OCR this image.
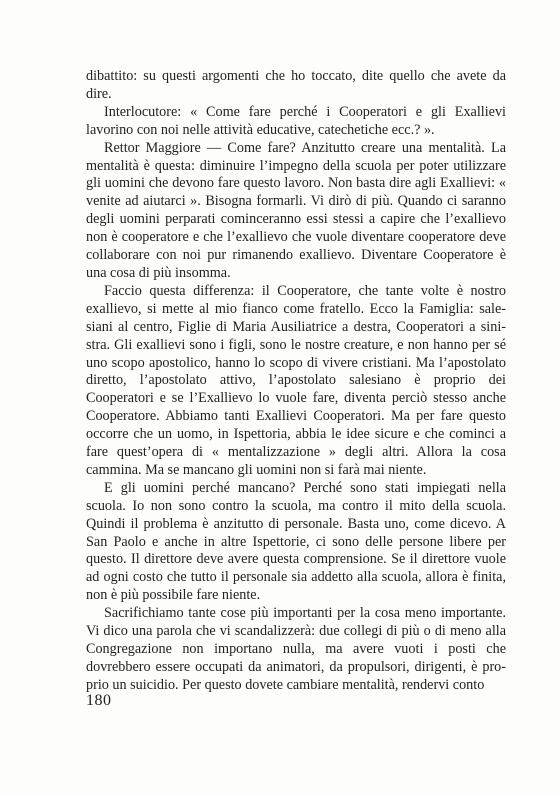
dibattito: su questi argomenti che ho toccato, dite quello che avete da dire.

Interlocutore: « Come fare perché i Cooperatori e gli Exallievi lavorino con noi nelle attività educative, catechetiche ecc.? ».

Rettor Maggiore — Come fare? Anzitutto creare una mentalità. La mentalità è questa: diminuire l’impegno della scuola per poter utilizzare gli uomini che devono fare questo lavoro. Non basta dire agli Exallievi: « venite ad aiutarci ». Bisogna formarli. Vi dirò di più. Quando ci saranno degli uomini perparati cominceranno essi stessi a capire che l’exallievo non è cooperatore e che l’exallievo che vuole diventare cooperatore deve collaborare con noi pur rimanendo exallievo. Diventare Cooperatore è una cosa di più insomma.

Faccio questa differenza: il Cooperatore, che tante volte è nostro exallievo, si mette al mio fianco come fratello. Ecco la Famiglia: salesiani al centro, Figlie di Maria Ausiliatrice a destra, Cooperatori a sinistra. Gli exallievi sono i figli, sono le nostre creature, e non hanno per sé uno scopo apostolico, hanno lo scopo di vivere cristiani. Ma l’apostolato diretto, l’apostolato attivo, l’apostolato salesiano è proprio dei Cooperatori e se l’Exallievo lo vuole fare, diventa perciò stesso anche Cooperatore. Abbiamo tanti Exallievi Cooperatori. Ma per fare questo occorre che un uomo, in Ispettoria, abbia le idee sicure e che cominci a fare quest’opera di « mentalizzazione » degli altri. Allora la cosa cammina. Ma se mancano gli uomini non si farà mai niente.

E gli uomini perché mancano? Perché sono stati impiegati nella scuola. Io non sono contro la scuola, ma contro il mito della scuola. Quindi il problema è anzitutto di personale. Basta uno, come dicevo. A San Paolo e anche in altre Ispettorie, ci sono delle persone libere per questo. Il direttore deve avere questa comprensione. Se il direttore vuole ad ogni costo che tutto il personale sia addetto alla scuola, allora è finita, non è più possibile fare niente.

Sacrifichiamo tante cose più importanti per la cosa meno importante. Vi dico una parola che vi scandalizzerà: due collegi di più o di meno alla Congregazione non importano nulla, ma avere vuoti i posti che dovrebbero essere occupati da animatori, da propulsori, dirigenti, è proprio un suicidio. Per questo dovete cambiare mentalità, rendervi conto

180
